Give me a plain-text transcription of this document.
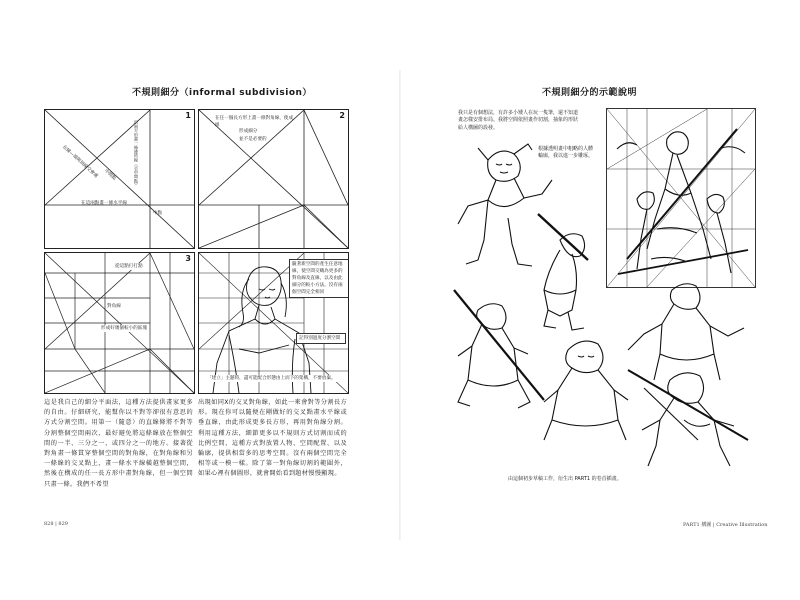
不規則細分（informal subdivision）
1
在這兩點畫一條水平線
在線—端與頂線交會處 中間點	沿兩方形畫一條連結線（至中間點）
中點
2
在任一個長方形上畫一條對角線，使成組
形成細分
並不是必要的
3
從這點打打點
對角線
形成好幾個較小的區塊
隨著新空間的產生任意地線，使空間交織為更多的對角線及直線，以及由此細分的較小方法。沒有兩個空間完全相同
記得別過度分割空間
「建立」主題時，盡可能配合形態由上而下的架構，不要放棄。
這是我自己的細分平面法，這種方法提供畫家更多的自由。仔細研究，能幫你以不對等卻很有意思的方式分割空間。用第一（隨意）的直線條將不對等分割整個空間兩次，最好避免將這條線放在整個空間的一半、三分之一，或四分之一的地方。接著從對角畫一條貫穿整個空間的對角線，在對角線和另一條線的交叉點上，畫一條水平線橫越整個空間，然後在構成的任一長方形中畫對角線，但一個空間只畫一條。我們不希望
出現如同X的交叉對角線，如此一來會對等分割長方形。現在你可以隨便在剛做好的交叉點畫水平線或垂直線，由此形成更多長方形，再用對角線分割。利用這種方法，細節更多以不規則方式切割而成的比例空間，這種方式對放置人物、空間配置、以及輪廓，提供相當多的思考空間。沒有兩個空間完全相等或一模一樣。除了第一對角線切割的範圍外，如果心裡有個圖形，就會開始看到題材慢慢顯現。
828 | 829
不規則細分的示範說明
我只是有個想法，有許多小矮人在玩一隻筆，還不知道畫怎樣安排布局。我將空間依照畫作切割，抽象的形狀給人構圖的設發。
根據透明畫中粗略的人體輪廓，我以進一步雕琢。
由這個初步草稿工作，衍生出 PART1 的卷首插畫。
PART1 構圖 | Creative Illustration
